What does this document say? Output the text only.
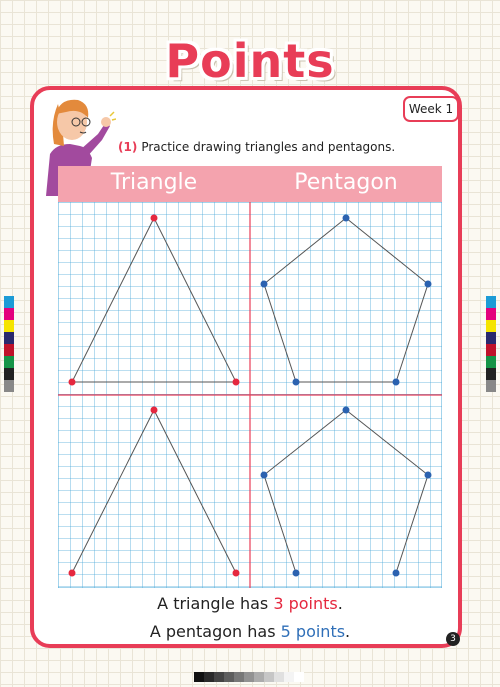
Points
Week 1
(1) Practice drawing triangles and pentagons.
Triangle	Pentagon
A triangle has 3 points.
A pentagon has 5 points.	3
